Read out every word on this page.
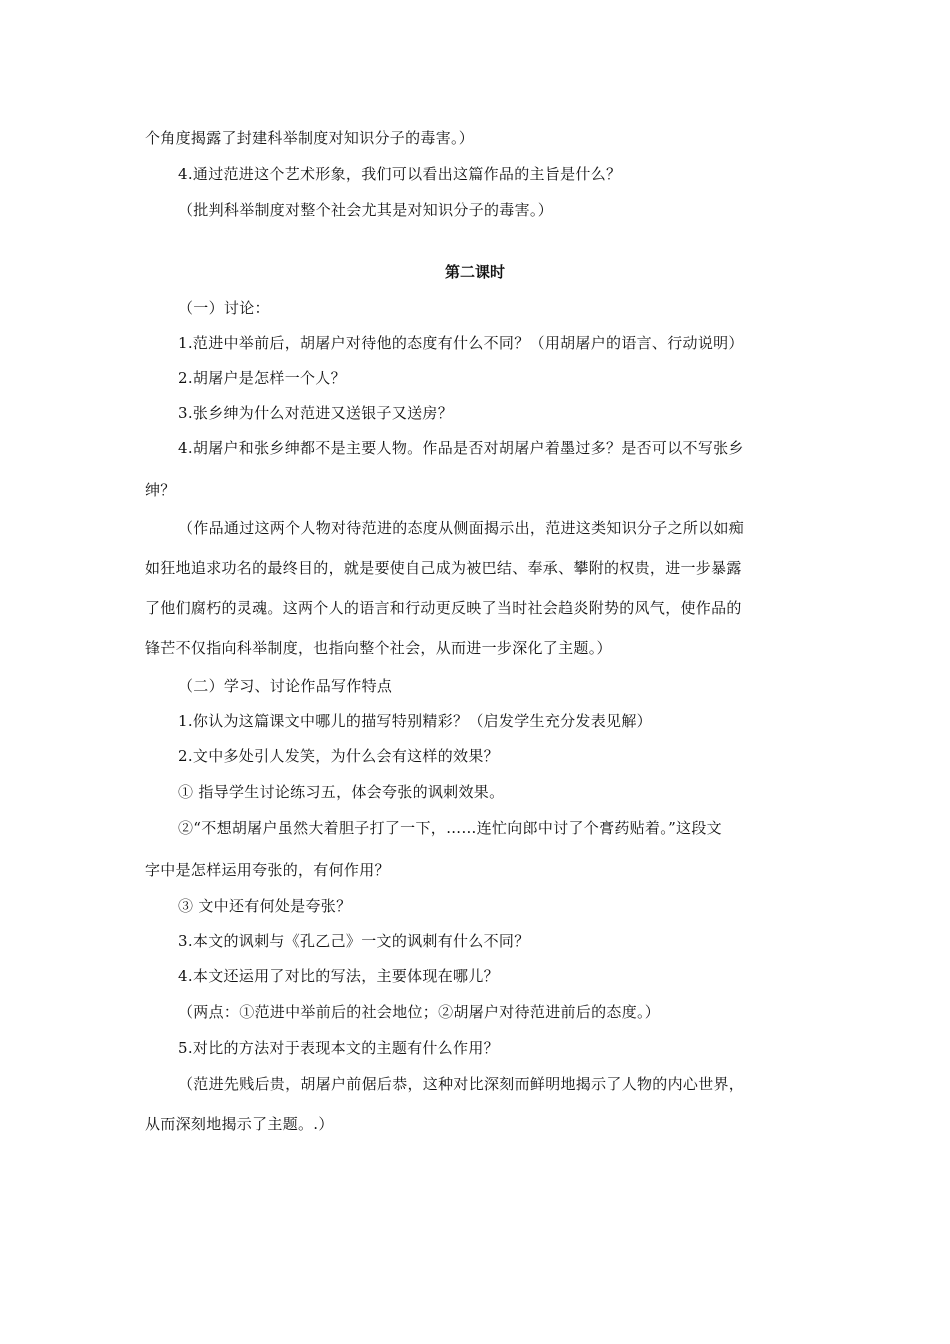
个角度揭露了封建科举制度对知识分子的毒害。）
4.通过范进这个艺术形象，我们可以看出这篇作品的主旨是什么？
（批判科举制度对整个社会尤其是对知识分子的毒害。）
第二课时
（一）讨论：
1.范进中举前后，胡屠户对待他的态度有什么不同？（用胡屠户的语言、行动说明）
2.胡屠户是怎样一个人？
3.张乡绅为什么对范进又送银子又送房？
4.胡屠户和张乡绅都不是主要人物。作品是否对胡屠户着墨过多？是否可以不写张乡
绅？
（作品通过这两个人物对待范进的态度从侧面揭示出，范进这类知识分子之所以如痴
如狂地追求功名的最终目的，就是要使自己成为被巴结、奉承、攀附的权贵，进一步暴露
了他们腐朽的灵魂。这两个人的语言和行动更反映了当时社会趋炎附势的风气，使作品的
锋芒不仅指向科举制度，也指向整个社会，从而进一步深化了主题。）
（二）学习、讨论作品写作特点
1.你认为这篇课文中哪儿的描写特别精彩？（启发学生充分发表见解）
2.文中多处引人发笑，为什么会有这样的效果？
① 指导学生讨论练习五，体会夸张的讽刺效果。
②“不想胡屠户虽然大着胆子打了一下，……连忙向郎中讨了个膏药贴着。”这段文
字中是怎样运用夸张的，有何作用？
③ 文中还有何处是夸张？
3.本文的讽刺与《孔乙己》一文的讽刺有什么不同？
4.本文还运用了对比的写法，主要体现在哪儿？
（两点：①范进中举前后的社会地位；②胡屠户对待范进前后的态度。）
5.对比的方法对于表现本文的主题有什么作用？
（范进先贱后贵，胡屠户前倨后恭，这种对比深刻而鲜明地揭示了人物的内心世界，
从而深刻地揭示了主题。.）
